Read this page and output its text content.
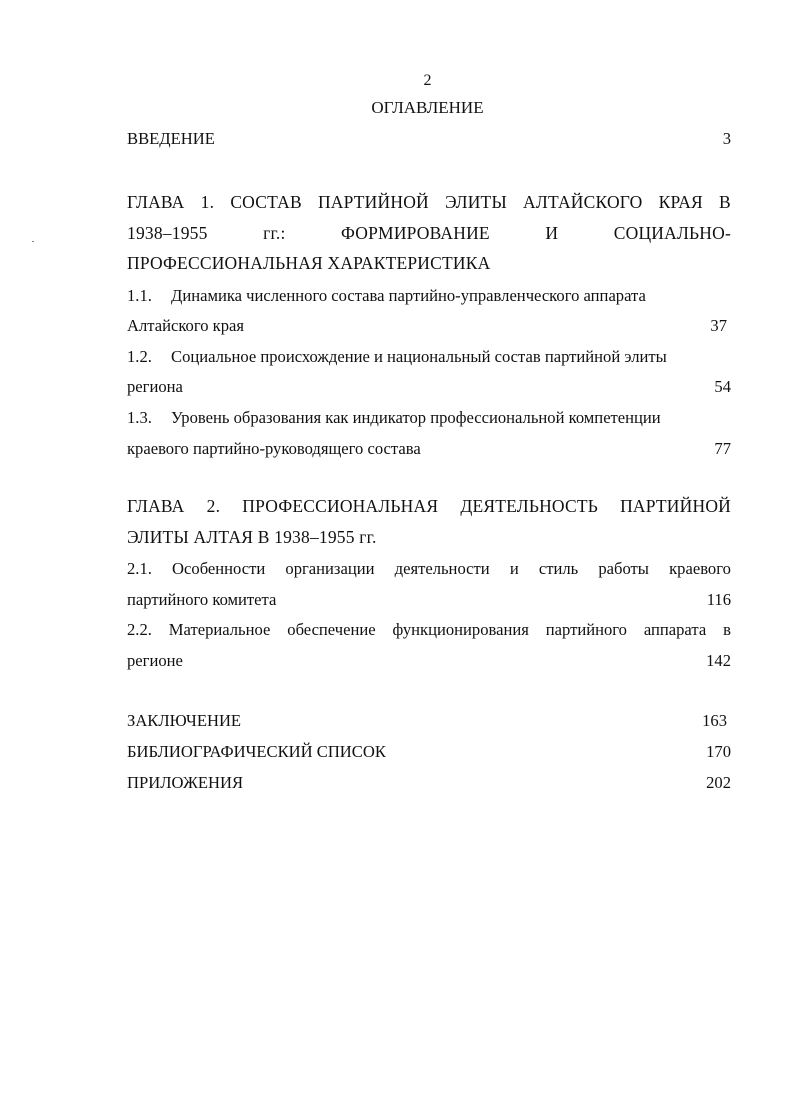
2
ОГЛАВЛЕНИЕ
ВВЕДЕНИЕ	3
ГЛАВА 1. СОСТАВ ПАРТИЙНОЙ ЭЛИТЫ АЛТАЙСКОГО КРАЯ В
1938–1955	гг.:	ФОРМИРОВАНИЕ	И	СОЦИАЛЬНО-
ПРОФЕССИОНАЛЬНАЯ ХАРАКТЕРИСТИКА
1.1. Динамика численного состава партийно-управленческого аппарата
Алтайского края	37
1.2. Социальное происхождение и национальный состав партийной элиты
региона	54
1.3. Уровень образования как индикатор профессиональной компетенции
краевого партийно-руководящего состава	77
ГЛАВА 2. ПРОФЕССИОНАЛЬНАЯ ДЕЯТЕЛЬНОСТЬ ПАРТИЙНОЙ
ЭЛИТЫ АЛТАЯ В 1938–1955 гг.
2.1. Особенности организации деятельности и стиль работы краевого
партийного комитета	116
2.2. Материальное обеспечение функционирования партийного аппарата в
регионе	142
ЗАКЛЮЧЕНИЕ	163
БИБЛИОГРАФИЧЕСКИЙ СПИСОК	170
ПРИЛОЖЕНИЯ	202
